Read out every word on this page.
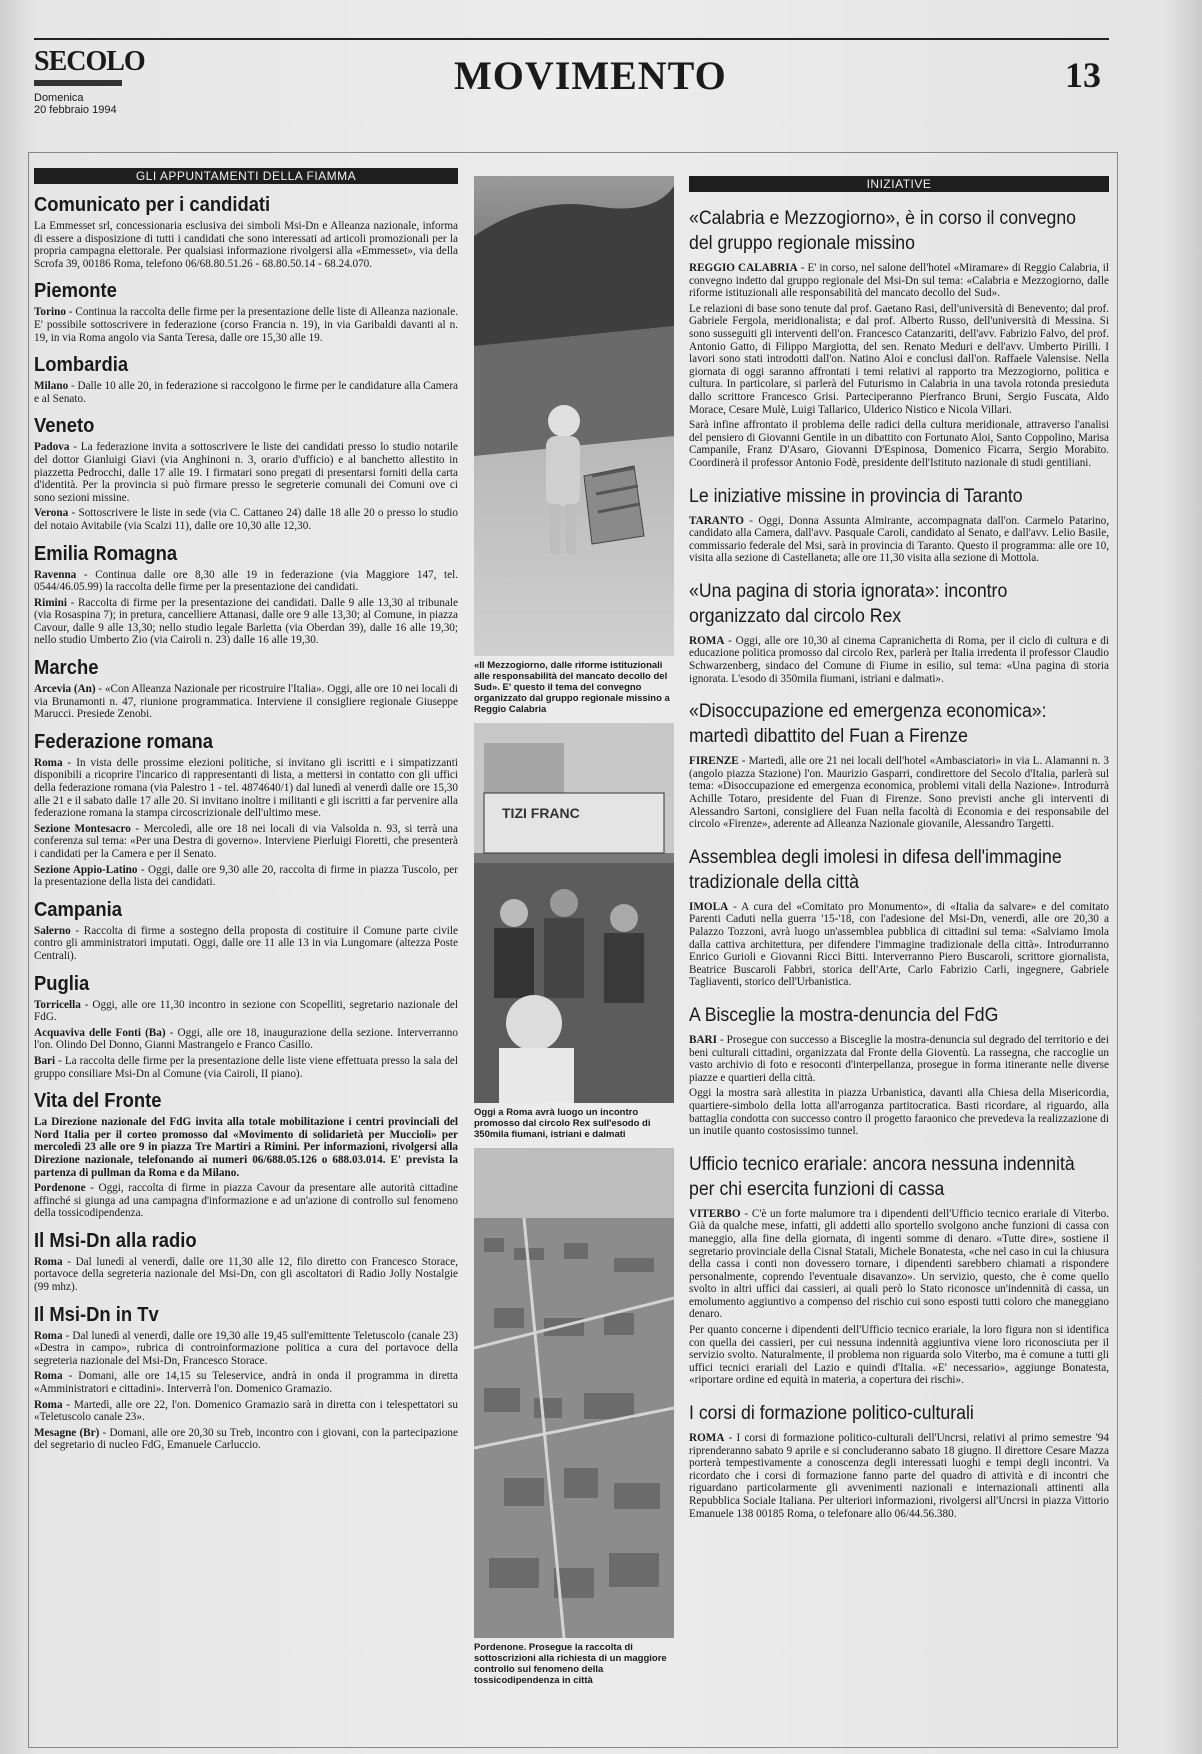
SECOLO
Domenica
20 febbraio 1994
MOVIMENTO	13
GLI APPUNTAMENTI DELLA FIAMMA
Comunicato per i candidati

La Emmesset srl, concessionaria esclusiva dei simboli Msi-Dn e Alleanza nazionale, informa di essere a disposizione di tutti i candidati che sono interessati ad articoli promozionali per la propria campagna elettorale. Per qualsiasi informazione rivolgersi alla «Emmesset», via della Scrofa 39, 00186 Roma, telefono 06/68.80.51.26 - 68.80.50.14 - 68.24.070.

Piemonte

Torino - Continua la raccolta delle firme per la presentazione delle liste di Alleanza nazionale. E' possibile sottoscrivere in federazione (corso Francia n. 19), in via Garibaldi davanti al n. 19, in via Roma angolo via Santa Teresa, dalle ore 15,30 alle 19.

Lombardia

Milano - Dalle 10 alle 20, in federazione si raccolgono le firme per le candidature alla Camera e al Senato.

Veneto

Padova - La federazione invita a sottoscrivere le liste dei candidati presso lo studio notarile del dottor Gianluigi Giavi (via Anghinoni n. 3, orario d'ufficio) e al banchetto allestito in piazzetta Pedrocchi, dalle 17 alle 19. I firmatari sono pregati di presentarsi forniti della carta d'identità. Per la provincia si può firmare presso le segreterie comunali dei Comuni ove ci sono sezioni missine.

Verona - Sottoscrivere le liste in sede (via C. Cattaneo 24) dalle 18 alle 20 o presso lo studio del notaio Avitabile (via Scalzi 11), dalle ore 10,30 alle 12,30.

Emilia Romagna

Ravenna - Continua dalle ore 8,30 alle 19 in federazione (via Maggiore 147, tel. 0544/46.05.99) la raccolta delle firme per la presentazione dei candidati.

Rimini - Raccolta di firme per la presentazione dei candidati. Dalle 9 alle 13,30 al tribunale (via Rosaspina 7); in pretura, cancelliere Attanasi, dalle ore 9 alle 13,30; al Comune, in piazza Cavour, dalle 9 alle 13,30; nello studio legale Barletta (via Oberdan 39), dalle 16 alle 19,30; nello studio Umberto Zio (via Cairoli n. 23) dalle 16 alle 19,30.

Marche

Arcevia (An) - «Con Alleanza Nazionale per ricostruire l'Italia». Oggi, alle ore 10 nei locali di via Brunamonti n. 47, riunione programmatica. Interviene il consigliere regionale Giuseppe Marucci. Presiede Zenobi.

Federazione romana

Roma - In vista delle prossime elezioni politiche, si invitano gli iscritti e i simpatizzanti disponibili a ricoprire l'incarico di rappresentanti di lista, a mettersi in contatto con gli uffici della federazione romana (via Palestro 1 - tel. 4874640/1) dal lunedì al venerdì dalle ore 15,30 alle 21 e il sabato dalle 17 alle 20. Si invitano inoltre i militanti e gli iscritti a far pervenire alla federazione romana la stampa circoscrizionale dell'ultimo mese.

Sezione Montesacro - Mercoledì, alle ore 18 nei locali di via Valsolda n. 93, si terrà una conferenza sul tema: «Per una Destra di governo». Interviene Pierluigi Fioretti, che presenterà i candidati per la Camera e per il Senato.

Sezione Appio-Latino - Oggi, dalle ore 9,30 alle 20, raccolta di firme in piazza Tuscolo, per la presentazione della lista dei candidati.

Campania

Salerno - Raccolta di firme a sostegno della proposta di costituire il Comune parte civile contro gli amministratori imputati. Oggi, dalle ore 11 alle 13 in via Lungomare (altezza Poste Centrali).

Puglia

Torricella - Oggi, alle ore 11,30 incontro in sezione con Scopelliti, segretario nazionale del FdG.

Acquaviva delle Fonti (Ba) - Oggi, alle ore 18, inaugurazione della sezione. Interverranno l'on. Olindo Del Donno, Gianni Mastrangelo e Franco Casillo.

Bari - La raccolta delle firme per la presentazione delle liste viene effettuata presso la sala del gruppo consiliare Msi-Dn al Comune (via Cairoli, II piano).

Vita del Fronte

La Direzione nazionale del FdG invita alla totale mobilitazione i centri provinciali del Nord Italia per il corteo promosso dal «Movimento di solidarietà per Muccioli» per mercoledì 23 alle ore 9 in piazza Tre Martiri a Rimini. Per informazioni, rivolgersi alla Direzione nazionale, telefonando ai numeri 06/688.05.126 o 688.03.014. E' prevista la partenza di pullman da Roma e da Milano.

Pordenone - Oggi, raccolta di firme in piazza Cavour da presentare alle autorità cittadine affinché si giunga ad una campagna d'informazione e ad un'azione di controllo sul fenomeno della tossicodipendenza.

Il Msi-Dn alla radio

Roma - Dal lunedì al venerdì, dalle ore 11,30 alle 12, filo diretto con Francesco Storace, portavoce della segreteria nazionale del Msi-Dn, con gli ascoltatori di Radio Jolly Nostalgie (99 mhz).

Il Msi-Dn in Tv

Roma - Dal lunedì al venerdì, dalle ore 19,30 alle 19,45 sull'emittente Teletuscolo (canale 23) «Destra in campo», rubrica di controinformazione politica a cura del portavoce della segreteria nazionale del Msi-Dn, Francesco Storace.

Roma - Domani, alle ore 14,15 su Teleservice, andrà in onda il programma in diretta «Amministratori e cittadini». Interverrà l'on. Domenico Gramazio.

Roma - Martedì, alle ore 22, l'on. Domenico Gramazio sarà in diretta con i telespettatori su «Teletuscolo canale 23».

Mesagne (Br) - Domani, alle ore 20,30 su Treb, incontro con i giovani, con la partecipazione del segretario di nucleo FdG, Emanuele Carluccio.

«Il Mezzogiorno, dalle riforme istituzionali alle responsabilità del mancato decollo del Sud». E' questo il tema del convegno organizzato dal gruppo regionale missino a Reggio Calabria
TIZI FRANC
Oggi a Roma avrà luogo un incontro promosso dal circolo Rex sull'esodo di 350mila fiumani, istriani e dalmati
Pordenone. Prosegue la raccolta di sottoscrizioni alla richiesta di un maggiore controllo sul fenomeno della tossicodipendenza in città
INIZIATIVE
«Calabria e Mezzogiorno», è in corso il convegno del gruppo regionale missino

REGGIO CALABRIA - E' in corso, nel salone dell'hotel «Miramare» di Reggio Calabria, il convegno indetto dal gruppo regionale del Msi-Dn sul tema: «Calabria e Mezzogiorno, dalle riforme istituzionali alle responsabilità del mancato decollo del Sud».

Le relazioni di base sono tenute dal prof. Gaetano Rasi, dell'università di Benevento; dal prof. Gabriele Fergola, meridionalista; e dal prof. Alberto Russo, dell'università di Messina. Si sono susseguiti gli interventi dell'on. Francesco Catanzariti, dell'avv. Fabrizio Falvo, del prof. Antonio Gatto, di Filippo Margiotta, del sen. Renato Meduri e dell'avv. Umberto Pirilli. I lavori sono stati introdotti dall'on. Natino Aloi e conclusi dall'on. Raffaele Valensise. Nella giornata di oggi saranno affrontati i temi relativi al rapporto tra Mezzogiorno, politica e cultura. In particolare, si parlerà del Futurismo in Calabria in una tavola rotonda presieduta dallo scrittore Francesco Grisi. Parteciperanno Pierfranco Bruni, Sergio Fuscata, Aldo Morace, Cesare Mulè, Luigi Tallarico, Ulderico Nistico e Nicola Villari.

Sarà infine affrontato il problema delle radici della cultura meridionale, attraverso l'analisi del pensiero di Giovanni Gentile in un dibattito con Fortunato Aloi, Santo Coppolino, Marisa Campanile, Franz D'Asaro, Giovanni D'Espinosa, Domenico Ficarra, Sergio Morabito. Coordinerà il professor Antonio Fodè, presidente dell'Istituto nazionale di studi gentiliani.

Le iniziative missine in provincia di Taranto

TARANTO - Oggi, Donna Assunta Almirante, accompagnata dall'on. Carmelo Patarino, candidato alla Camera, dall'avv. Pasquale Caroli, candidato al Senato, e dall'avv. Lelio Basile, commissario federale del Msi, sarà in provincia di Taranto. Questo il programma: alle ore 10, visita alla sezione di Castellaneta; alle ore 11,30 visita alla sezione di Mottola.

«Una pagina di storia ignorata»: incontro organizzato dal circolo Rex

ROMA - Oggi, alle ore 10,30 al cinema Capranichetta di Roma, per il ciclo di cultura e di educazione politica promosso dal circolo Rex, parlerà per Italia irredenta il professor Claudio Schwarzenberg, sindaco del Comune di Fiume in esilio, sul tema: «Una pagina di storia ignorata. L'esodo di 350mila fiumani, istriani e dalmati».

«Disoccupazione ed emergenza economica»: martedì dibattito del Fuan a Firenze

FIRENZE - Martedì, alle ore 21 nei locali dell'hotel «Ambasciatori» in via L. Alamanni n. 3 (angolo piazza Stazione) l'on. Maurizio Gasparri, condirettore del Secolo d'Italia, parlerà sul tema: «Disoccupazione ed emergenza economica, problemi vitali della Nazione». Introdurrà Achille Totaro, presidente del Fuan di Firenze. Sono previsti anche gli interventi di Alessandro Sartoni, consigliere del Fuan nella facoltà di Economia e dei responsabile del circolo «Firenze», aderente ad Alleanza Nazionale giovanile, Alessandro Targetti.

Assemblea degli imolesi in difesa dell'immagine tradizionale della città

IMOLA - A cura del «Comitato pro Monumento», di «Italia da salvare» e del comitato Parenti Caduti nella guerra '15-'18, con l'adesione del Msi-Dn, venerdì, alle ore 20,30 a Palazzo Tozzoni, avrà luogo un'assemblea pubblica di cittadini sul tema: «Salviamo Imola dalla cattiva architettura, per difendere l'immagine tradizionale della città». Introdurranno Enrico Gurioli e Giovanni Ricci Bitti. Interverranno Piero Buscaroli, scrittore giornalista, Beatrice Buscaroli Fabbri, storica dell'Arte, Carlo Fabrizio Carli, ingegnere, Gabriele Tagliaventi, storico dell'Urbanistica.

A Bisceglie la mostra-denuncia del FdG

BARI - Prosegue con successo a Bisceglie la mostra-denuncia sul degrado del territorio e dei beni culturali cittadini, organizzata dal Fronte della Gioventù. La rassegna, che raccoglie un vasto archivio di foto e resoconti d'interpellanza, prosegue in forma itinerante nelle diverse piazze e quartieri della città.

Oggi la mostra sarà allestita in piazza Urbanistica, davanti alla Chiesa della Misericordia, quartiere-simbolo della lotta all'arroganza partitocratica. Basti ricordare, al riguardo, alla battaglia condotta con successo contro il progetto faraonico che prevedeva la realizzazione di un inutile quanto costosissimo tunnel.

Ufficio tecnico erariale: ancora nessuna indennità per chi esercita funzioni di cassa

VITERBO - C'è un forte malumore tra i dipendenti dell'Ufficio tecnico erariale di Viterbo. Già da qualche mese, infatti, gli addetti allo sportello svolgono anche funzioni di cassa con maneggio, alla fine della giornata, di ingenti somme di denaro. «Tutte dire», sostiene il segretario provinciale della Cisnal Statali, Michele Bonatesta, «che nel caso in cui la chiusura della cassa i conti non dovessero tornare, i dipendenti sarebbero chiamati a rispondere personalmente, coprendo l'eventuale disavanzo». Un servizio, questo, che è come quello svolto in altri uffici dai cassieri, ai quali però lo Stato riconosce un'indennità di cassa, un emolumento aggiuntivo a compenso del rischio cui sono esposti tutti coloro che maneggiano denaro.

Per quanto concerne i dipendenti dell'Ufficio tecnico erariale, la loro figura non si identifica con quella dei cassieri, per cui nessuna indennità aggiuntiva viene loro riconosciuta per il servizio svolto. Naturalmente, il problema non riguarda solo Viterbo, ma è comune a tutti gli uffici tecnici erariali del Lazio e quindi d'Italia. «E' necessario», aggiunge Bonatesta, «riportare ordine ed equità in materia, a copertura dei rischi».

I corsi di formazione politico-culturali

ROMA - I corsi di formazione politico-culturali dell'Uncrsi, relativi al primo semestre '94 riprenderanno sabato 9 aprile e si concluderanno sabato 18 giugno. Il direttore Cesare Mazza porterà tempestivamente a conoscenza degli interessati luoghi e tempi degli incontri. Va ricordato che i corsi di formazione fanno parte del quadro di attività e di incontri che riguardano particolarmente gli avvenimenti nazionali e internazionali attinenti alla Repubblica Sociale Italiana. Per ulteriori informazioni, rivolgersi all'Uncrsi in piazza Vittorio Emanuele 138 00185 Roma, o telefonare allo 06/44.56.380.
